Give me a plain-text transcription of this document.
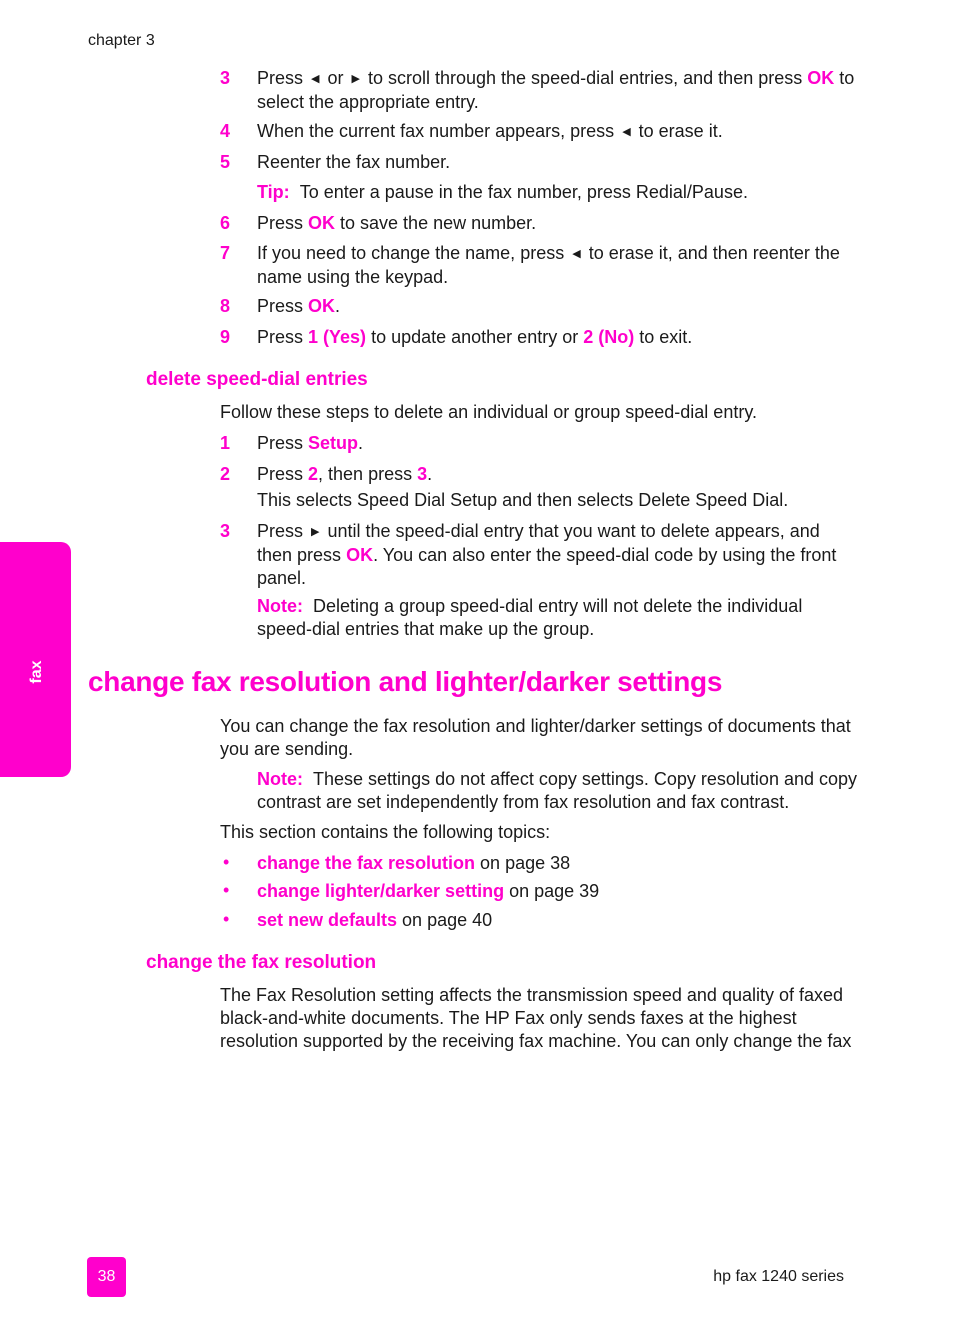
chapter 3
3 Press ◀ or ▶ to scroll through the speed-dial entries, and then press OK to
select the appropriate entry.
4 When the current fax number appears, press ◀ to erase it.
5 Reenter the fax number.
Tip: To enter a pause in the fax number, press Redial/Pause.
6 Press OK to save the new number.
7 If you need to change the name, press ◀ to erase it, and then reenter the
name using the keypad.
8 Press OK.
9 Press 1 (Yes) to update another entry or 2 (No) to exit.
delete speed-dial entries
Follow these steps to delete an individual or group speed-dial entry.
1 Press Setup.
2 Press 2, then press 3.
This selects Speed Dial Setup and then selects Delete Speed Dial.
3 Press ▶ until the speed-dial entry that you want to delete appears, and
then press OK. You can also enter the speed-dial code by using the front
panel.
Note: Deleting a group speed-dial entry will not delete the individual
speed-dial entries that make up the group.
fax change fax resolution and lighter/darker settings
You can change the fax resolution and lighter/darker settings of documents that
you are sending.
Note: These settings do not affect copy settings. Copy resolution and copy
contrast are set independently from fax resolution and fax contrast.
This section contains the following topics:
• change the fax resolution on page 38
• change lighter/darker setting on page 39
• set new defaults on page 40
change the fax resolution
The Fax Resolution setting affects the transmission speed and quality of faxed
black-and-white documents. The HP Fax only sends faxes at the highest
resolution supported by the receiving fax machine. You can only change the fax
38	hp fax 1240 series
